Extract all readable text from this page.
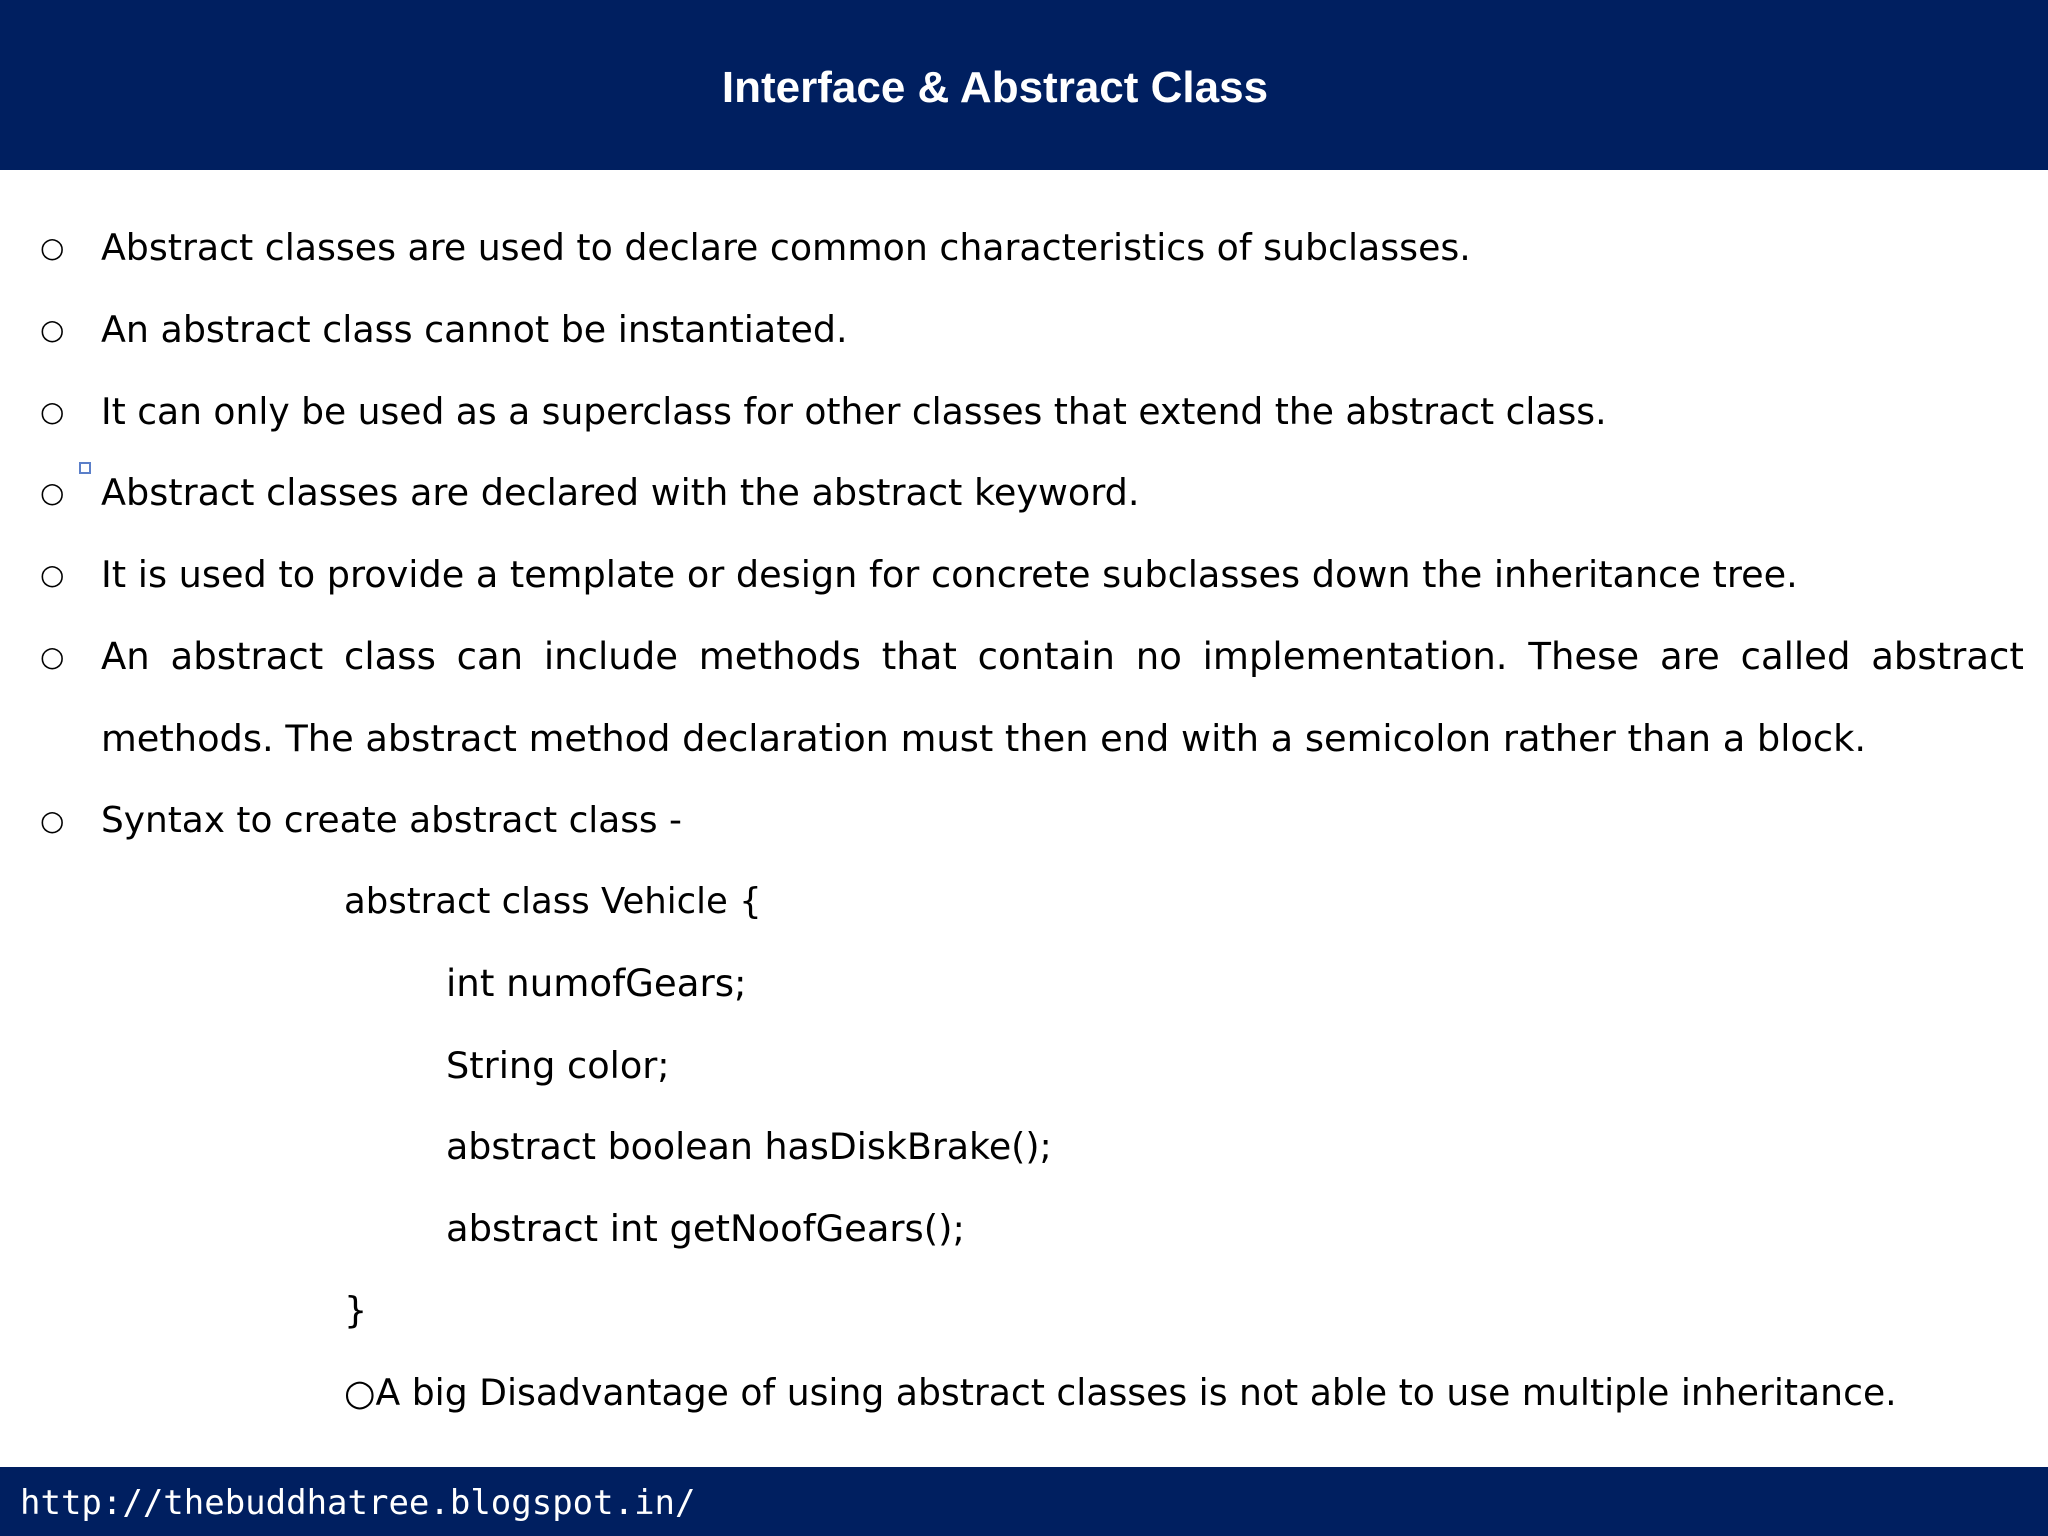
Interface & Abstract Class
○ Abstract classes are used to declare common characteristics of subclasses.
○ An abstract class cannot be instantiated.
○ It can only be used as a superclass for other classes that extend the abstract class.
○ Abstract classes are declared with the abstract keyword.
○ It is used to provide a template or design for concrete subclasses down the inheritance tree.
○ An abstract class can include methods that contain no implementation. These are called abstract
methods. The abstract method declaration must then end with a semicolon rather than a block.
○ Syntax to create abstract class -
abstract class Vehicle {
int numofGears;
String color;
abstract boolean hasDiskBrake();
abstract int getNoofGears();
}
○A big Disadvantage of using abstract classes is not able to use multiple inheritance.
http://thebuddhatree.blogspot.in/
